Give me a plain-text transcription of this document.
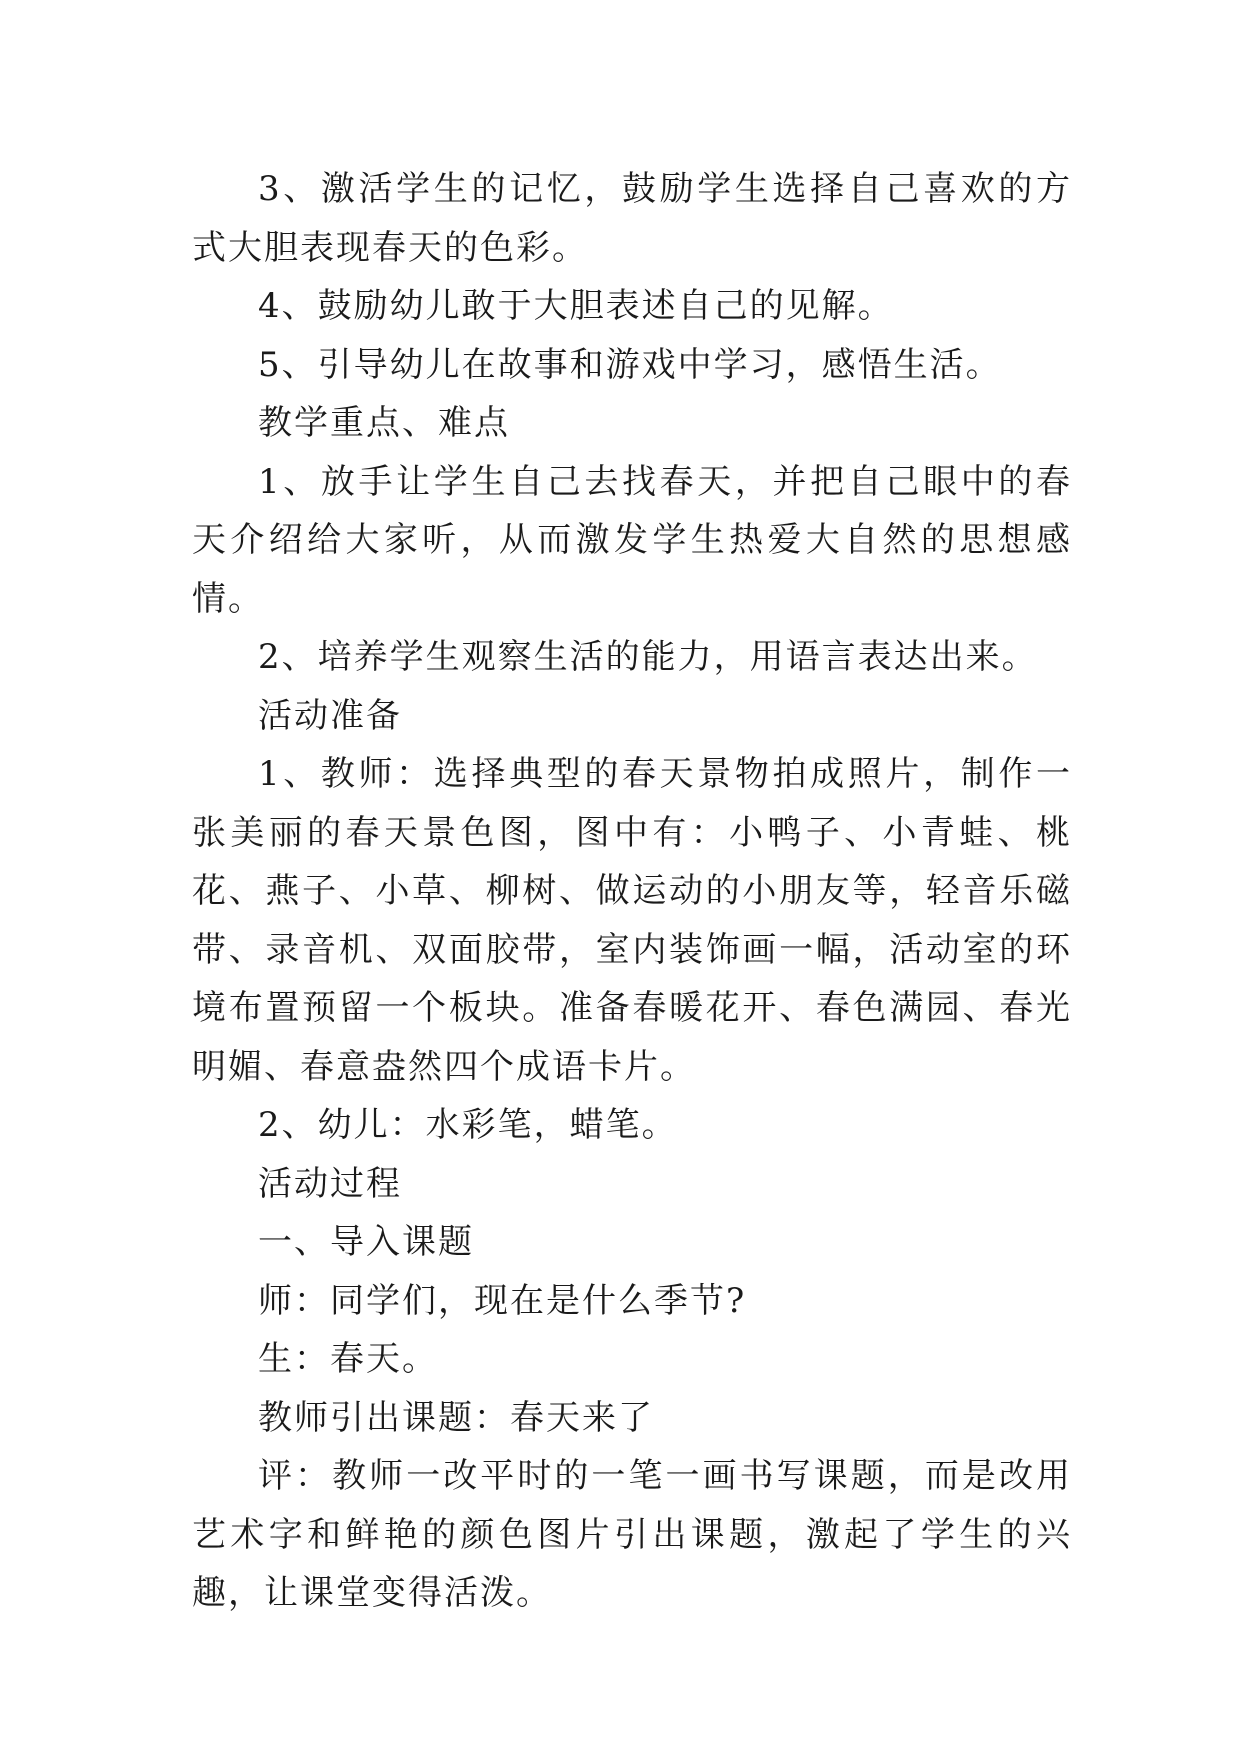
3、激活学生的记忆，鼓励学生选择自己喜欢的方式大胆表现春天的色彩。

4、鼓励幼儿敢于大胆表述自己的见解。

5、引导幼儿在故事和游戏中学习，感悟生活。

教学重点、难点

1、放手让学生自己去找春天，并把自己眼中的春天介绍给大家听，从而激发学生热爱大自然的思想感情。

2、培养学生观察生活的能力，用语言表达出来。

活动准备

1、教师：选择典型的春天景物拍成照片，制作一张美丽的春天景色图，图中有：小鸭子、小青蛙、桃花、燕子、小草、柳树、做运动的小朋友等，轻音乐磁带、录音机、双面胶带，室内装饰画一幅，活动室的环境布置预留一个板块。准备春暖花开、春色满园、春光明媚、春意盎然四个成语卡片。

2、幼儿：水彩笔，蜡笔。

活动过程

一、导入课题

师：同学们，现在是什么季节?

生：春天。

教师引出课题：春天来了

评：教师一改平时的一笔一画书写课题，而是改用艺术字和鲜艳的颜色图片引出课题，激起了学生的兴趣，让课堂变得活泼。
